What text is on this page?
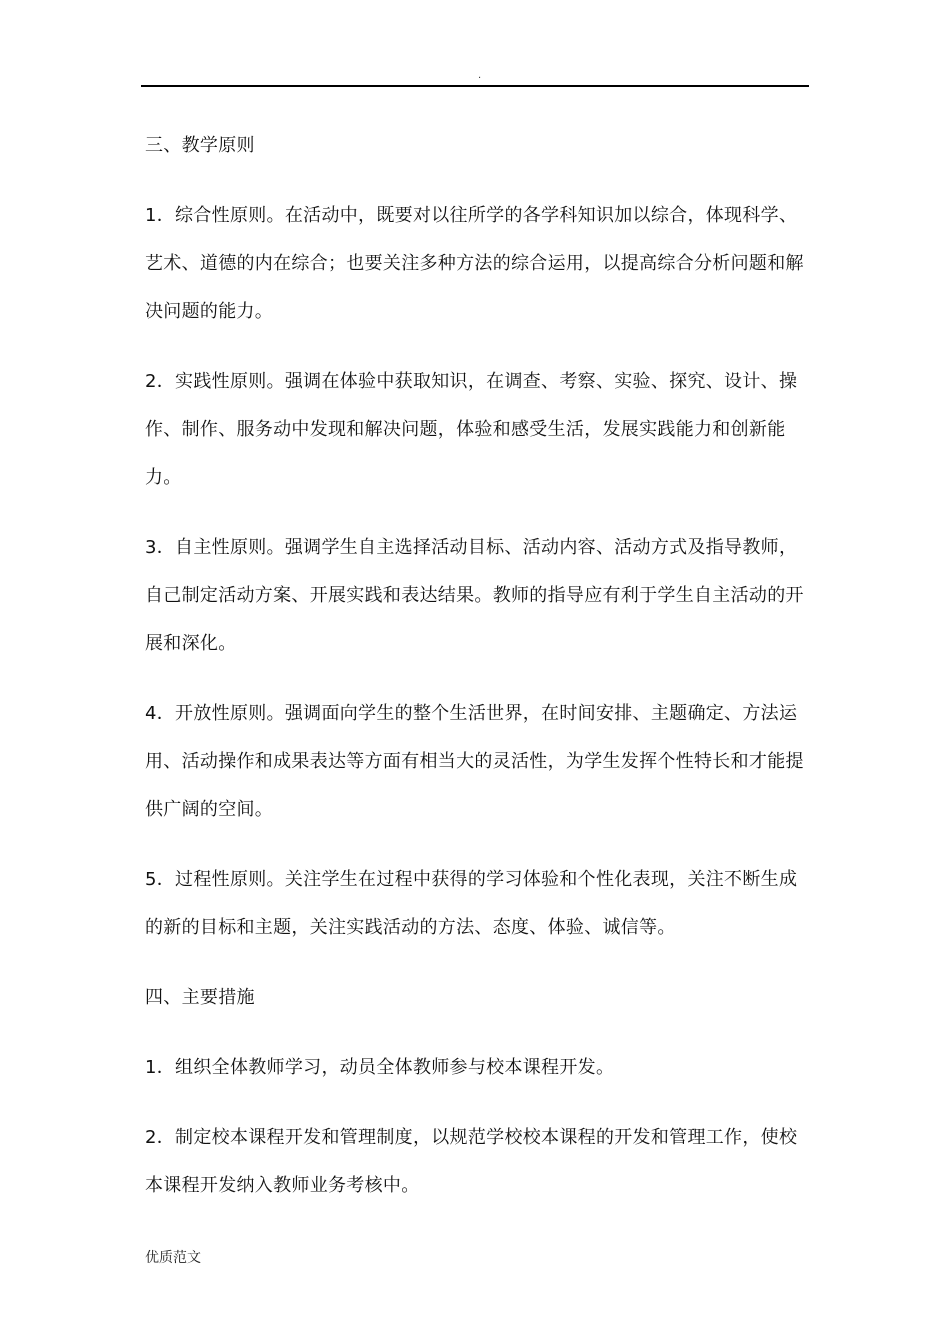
.

三、教学原则

1．综合性原则。在活动中，既要对以往所学的各学科知识加以综合，体现科学、艺术、道德的内在综合；也要关注多种方法的综合运用，以提高综合分析问题和解决问题的能力。

2．实践性原则。强调在体验中获取知识，在调查、考察、实验、探究、设计、操作、制作、服务动中发现和解决问题，体验和感受生活，发展实践能力和创新能力。

3．自主性原则。强调学生自主选择活动目标、活动内容、活动方式及指导教师，自己制定活动方案、开展实践和表达结果。教师的指导应有利于学生自主活动的开展和深化。

4．开放性原则。强调面向学生的整个生活世界，在时间安排、主题确定、方法运用、活动操作和成果表达等方面有相当大的灵活性，为学生发挥个性特长和才能提供广阔的空间。

5．过程性原则。关注学生在过程中获得的学习体验和个性化表现，关注不断生成的新的目标和主题，关注实践活动的方法、态度、体验、诚信等。

四、主要措施

1．组织全体教师学习，动员全体教师参与校本课程开发。

2．制定校本课程开发和管理制度，以规范学校校本课程的开发和管理工作，使校本课程开发纳入教师业务考核中。

优质范文
